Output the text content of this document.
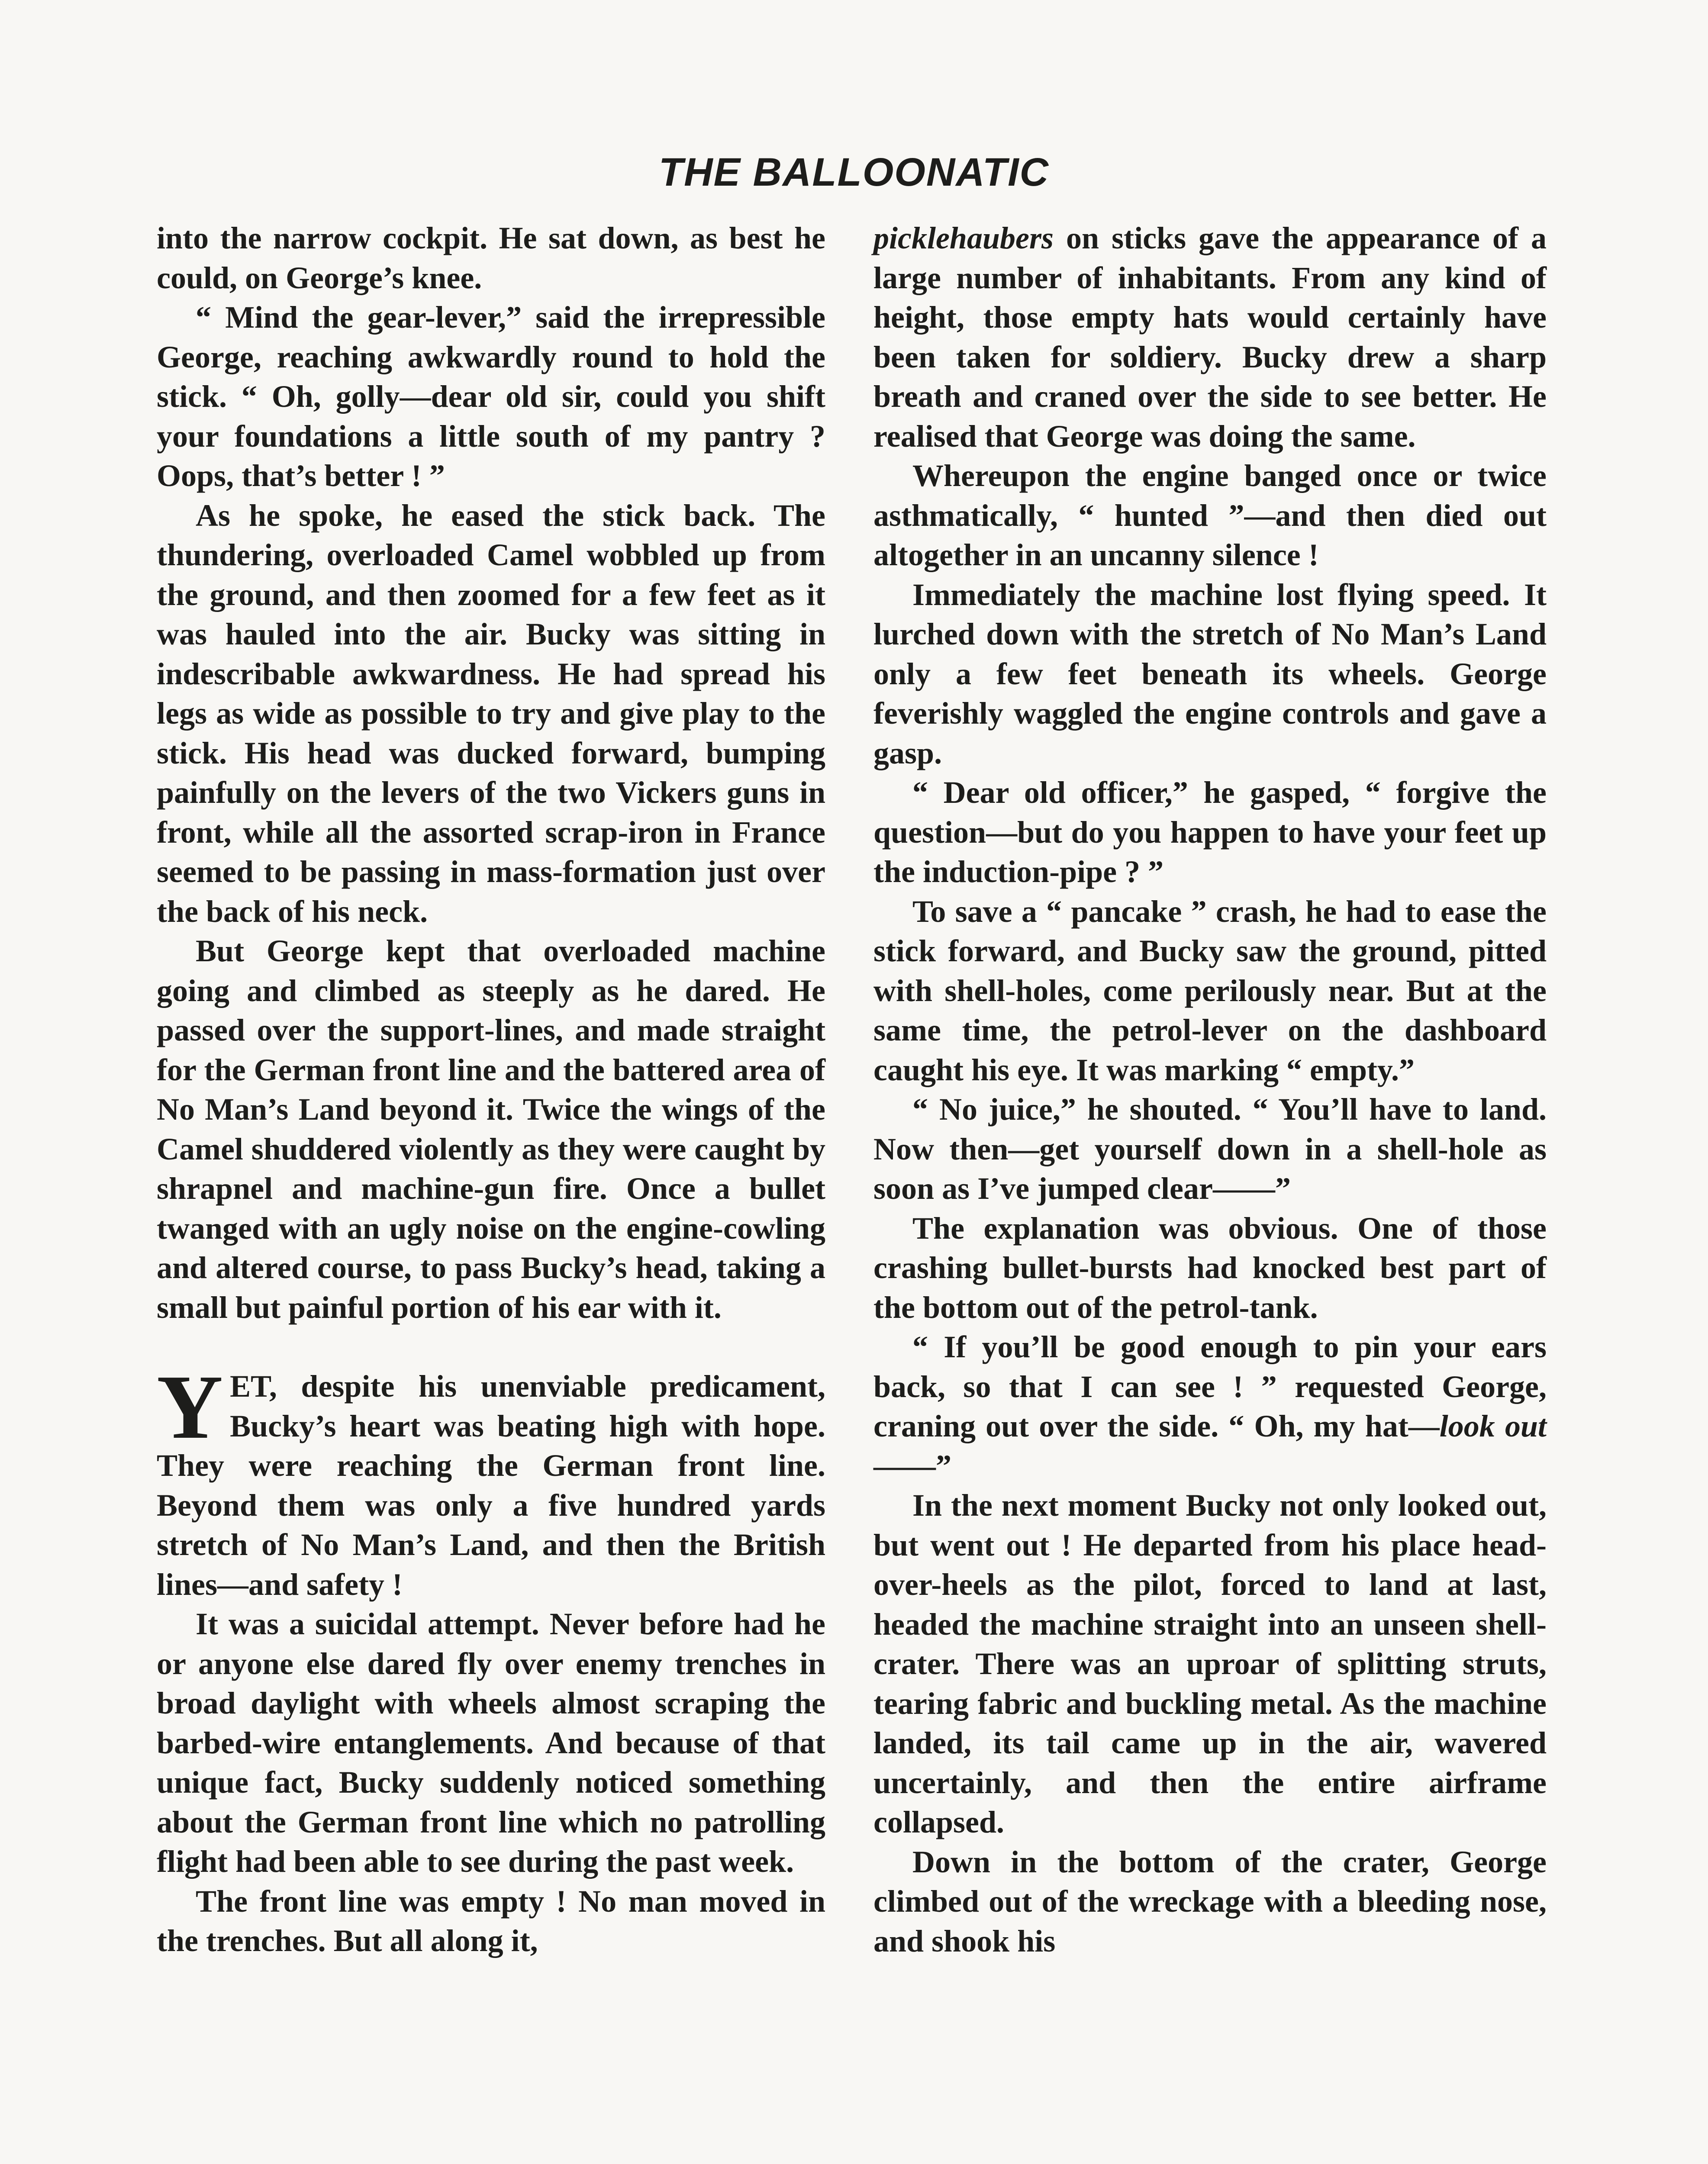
THE BALLOONATIC

into the narrow cockpit. He sat down, as best he could, on George’s knee.

“ Mind the gear-lever,” said the irrepressible George, reaching awkwardly round to hold the stick. “ Oh, golly—dear old sir, could you shift your foundations a little south of my pantry ? Oops, that’s better ! ”

As he spoke, he eased the stick back. The thundering, overloaded Camel wobbled up from the ground, and then zoomed for a few feet as it was hauled into the air. Bucky was sitting in indescribable awkwardness. He had spread his legs as wide as possible to try and give play to the stick. His head was ducked forward, bumping painfully on the levers of the two Vickers guns in front, while all the assorted scrap-iron in France seemed to be passing in mass-formation just over the back of his neck.

But George kept that overloaded machine going and climbed as steeply as he dared. He passed over the support-lines, and made straight for the German front line and the battered area of No Man’s Land beyond it. Twice the wings of the Camel shuddered violently as they were caught by shrapnel and machine-gun fire. Once a bullet twanged with an ugly noise on the engine-cowling and altered course, to pass Bucky’s head, taking a small but painful portion of his ear with it.

YET, despite his unenviable predicament, Bucky’s heart was beating high with hope. They were reaching the German front line. Beyond them was only a five hundred yards stretch of No Man’s Land, and then the British lines—and safety !

It was a suicidal attempt. Never before had he or anyone else dared fly over enemy trenches in broad daylight with wheels almost scraping the barbed-wire entanglements. And because of that unique fact, Bucky suddenly noticed something about the German front line which no patrolling flight had been able to see during the past week.

The front line was empty ! No man moved in the trenches. But all along it,

picklehaubers on sticks gave the appearance of a large number of inhabitants. From any kind of height, those empty hats would certainly have been taken for soldiery. Bucky drew a sharp breath and craned over the side to see better. He realised that George was doing the same.

Whereupon the engine banged once or twice asthmatically, “ hunted ”—and then died out altogether in an uncanny silence !

Immediately the machine lost flying speed. It lurched down with the stretch of No Man’s Land only a few feet beneath its wheels. George feverishly waggled the engine controls and gave a gasp.

“ Dear old officer,” he gasped, “ forgive the question—but do you happen to have your feet up the induction-pipe ? ”

To save a “ pancake ” crash, he had to ease the stick forward, and Bucky saw the ground, pitted with shell-holes, come perilously near. But at the same time, the petrol-lever on the dashboard caught his eye. It was marking “ empty.”

“ No juice,” he shouted. “ You’ll have to land. Now then—get yourself down in a shell-hole as soon as I’ve jumped clear——”

The explanation was obvious. One of those crashing bullet-bursts had knocked best part of the bottom out of the petrol-tank.

“ If you’ll be good enough to pin your ears back, so that I can see ! ” requested George, craning out over the side. “ Oh, my hat—look out——”

In the next moment Bucky not only looked out, but went out ! He departed from his place head-over-heels as the pilot, forced to land at last, headed the machine straight into an unseen shell-crater. There was an uproar of splitting struts, tearing fabric and buckling metal. As the machine landed, its tail came up in the air, wavered uncertainly, and then the entire airframe collapsed.

Down in the bottom of the crater, George climbed out of the wreckage with a bleeding nose, and shook his
